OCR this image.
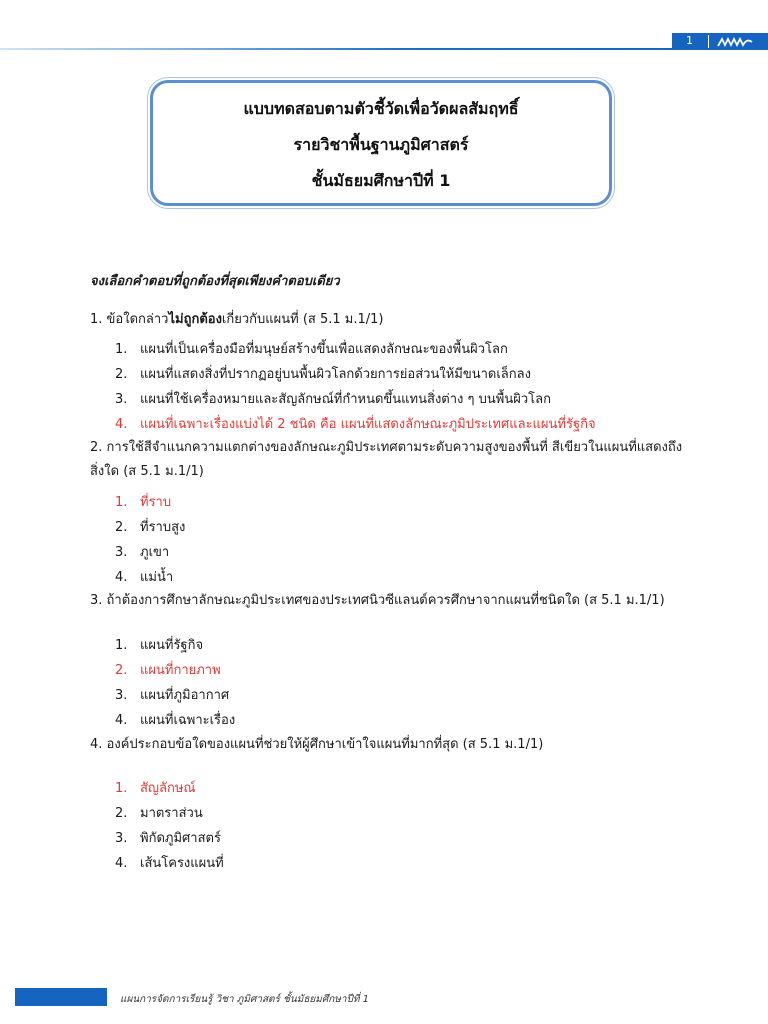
1
แบบทดสอบตามตัวชี้วัดเพื่อวัดผลสัมฤทธิ์
รายวิชาพื้นฐานภูมิศาสตร์
ชั้นมัธยมศึกษาปีที่ 1
จงเลือกคำตอบที่ถูกต้องที่สุดเพียงคำตอบเดียว
1. ข้อใดกล่าวไม่ถูกต้องเกี่ยวกับแผนที่ (ส 5.1 ม.1/1)
1. แผนที่เป็นเครื่องมือที่มนุษย์สร้างขึ้นเพื่อแสดงลักษณะของพื้นผิวโลก
2. แผนที่แสดงสิ่งที่ปรากฏอยู่บนพื้นผิวโลกด้วยการย่อส่วนให้มีขนาดเล็กลง
3. แผนที่ใช้เครื่องหมายและสัญลักษณ์ที่กำหนดขึ้นแทนสิ่งต่าง ๆ บนพื้นผิวโลก
4. แผนที่เฉพาะเรื่องแบ่งได้ 2 ชนิด คือ แผนที่แสดงลักษณะภูมิประเทศและแผนที่รัฐกิจ
2. การใช้สีจำแนกความแตกต่างของลักษณะภูมิประเทศตามระดับความสูงของพื้นที่ สีเขียวในแผนที่แสดงถึง
สิ่งใด (ส 5.1 ม.1/1)
1. ที่ราบ
2. ที่ราบสูง
3. ภูเขา
4. แม่น้ำ
3. ถ้าต้องการศึกษาลักษณะภูมิประเทศของประเทศนิวซีแลนด์ควรศึกษาจากแผนที่ชนิดใด (ส 5.1 ม.1/1)
1. แผนที่รัฐกิจ
2. แผนที่กายภาพ
3. แผนที่ภูมิอากาศ
4. แผนที่เฉพาะเรื่อง
4. องค์ประกอบข้อใดของแผนที่ช่วยให้ผู้ศึกษาเข้าใจแผนที่มากที่สุด (ส 5.1 ม.1/1)
1. สัญลักษณ์
2. มาตราส่วน
3. พิกัดภูมิศาสตร์
4. เส้นโครงแผนที่
แผนการจัดการเรียนรู้ วิชา ภูมิศาสตร์ ชั้นมัธยมศึกษาปีที่ 1
